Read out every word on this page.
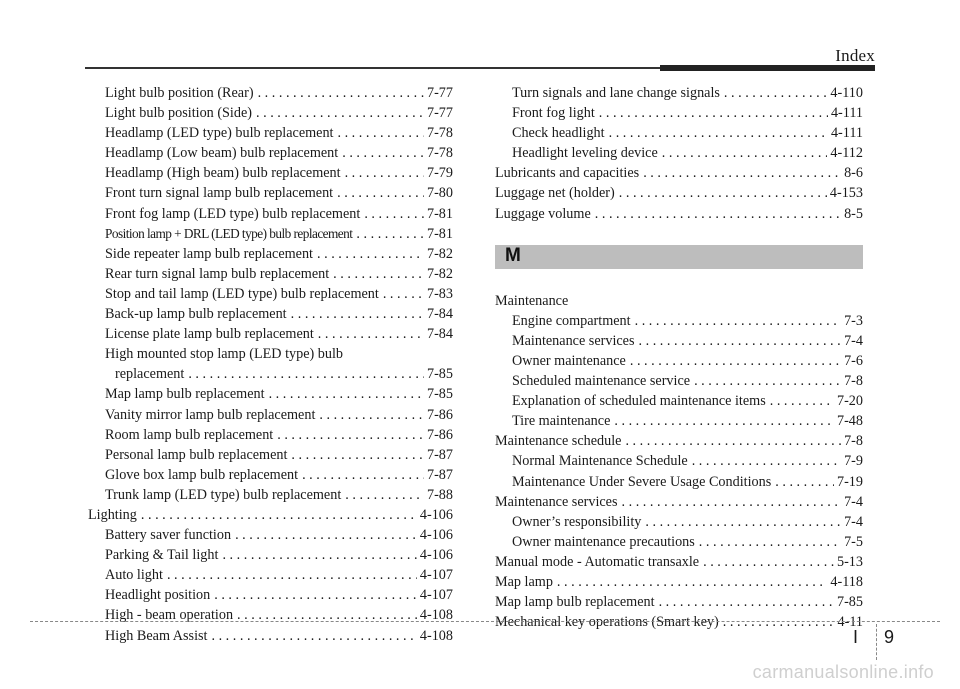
Index
Light bulb position (Rear) . . .	7-77
Light bulb position (Side) . . .	7-77
Headlamp (LED type) bulb replacement . . .	7-78
Headlamp (Low beam) bulb replacement . . .	7-78
Headlamp (High beam) bulb replacement . . .	7-79
Front turn signal lamp bulb replacement . . .	7-80
Front fog lamp (LED type) bulb replacement . . .	7-81
Position lamp + DRL (LED type) bulb replacement . . .	7-81
Side repeater lamp bulb replacement . . .	7-82
Rear turn signal lamp bulb replacement . . .	7-82
Stop and tail lamp (LED type) bulb replacement . . .	7-83
Back-up lamp bulb replacement . . .	7-84
License plate lamp bulb replacement . . .	7-84
High mounted stop lamp (LED type) bulb
replacement . . .	7-85
Map lamp bulb replacement . . .	7-85
Vanity mirror lamp bulb replacement . . .	7-86
Room lamp bulb replacement . . .	7-86
Personal lamp bulb replacement . . .	7-87
Glove box lamp bulb replacement . . .	7-87
Trunk lamp (LED type) bulb replacement . . .	7-88
Lighting . . .	4-106
Battery saver function . . .	4-106
Parking & Tail light . . .	4-106
Auto light . . .	4-107
Headlight position . . .	4-107
High - beam operation . . .	4-108
High Beam Assist . . .	4-108
Turn signals and lane change signals . . .	4-110
Front fog light . . .	4-111
Check headlight . . .	4-111
Headlight leveling device . . .	4-112
Lubricants and capacities . . .	8-6
Luggage net (holder) . . .	4-153
Luggage volume . . .	8-5
M
Maintenance
Engine compartment . . .	7-3
Maintenance services . . .	7-4
Owner maintenance . . .	7-6
Scheduled maintenance service . . .	7-8
Explanation of scheduled maintenance items . . .	7-20
Tire maintenance . . .	7-48
Maintenance schedule . . .	7-8
Normal Maintenance Schedule . . .	7-9
Maintenance Under Severe Usage Conditions . . .	7-19
Maintenance services . . .	7-4
Owner’s responsibility . . .	7-4
Owner maintenance precautions . . .	7-5
Manual mode - Automatic transaxle . . .	5-13
Map lamp . . .	4-118
Map lamp bulb replacement . . .	7-85
Mechanical key operations (Smart key) . . .	4-11
I 9
carmanualsonline.info
